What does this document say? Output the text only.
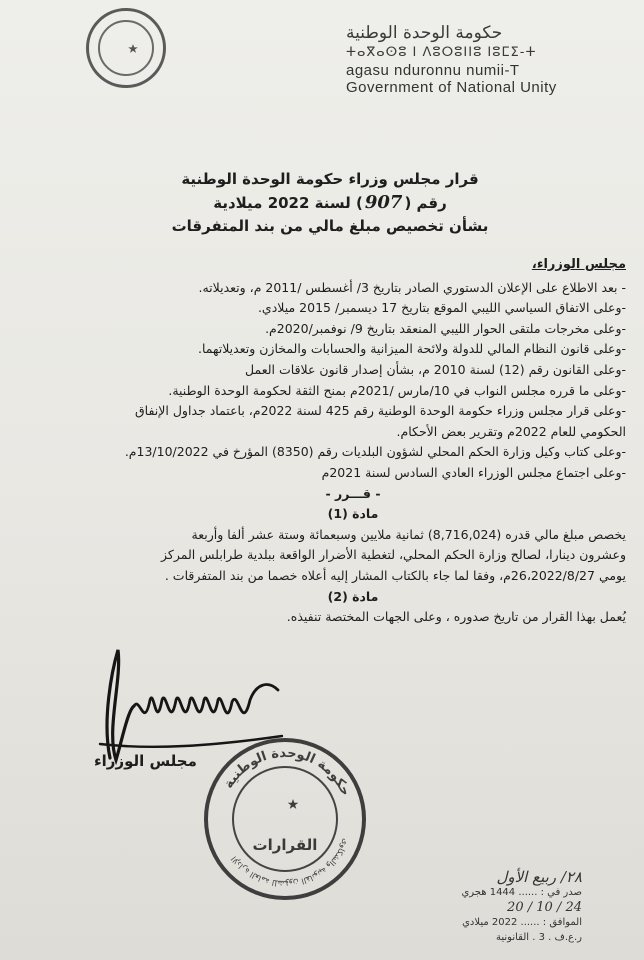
حكومة الوحدة الوطنية
ⵜⴰⴳⴰⵙⵓ ⵏ ⴷⵓⵔⵓⵏⵏⵓ ⵏⵓⵎⵉ-ⵜ
agasu nduronnu numii-T
Government of National Unity
قرار مجلس وزراء حكومة الوحدة الوطنية
رقم (907) لسنة 2022 ميلادية
بشأن تخصيص مبلغ مالي من بند المتفرقات

مجلس الوزراء،

- بعد الاطلاع على الإعلان الدستوري الصادر بتاريخ 3/ أغسطس /2011 م، وتعديلاته.

-وعلى الاتفاق السياسي الليبي الموقع بتاريخ 17 ديسمبر/ 2015 ميلادي.

-وعلى مخرجات ملتقى الحوار الليبي المنعقد بتاريخ 9/ نوفمبر/2020م.

-وعلى قانون النظام المالي للدولة ولائحة الميزانية والحسابات والمخازن وتعديلاتهما.

-وعلى القانون رقم (12) لسنة 2010 م، بشأن إصدار قانون علاقات العمل

-وعلى ما قرره مجلس النواب في 10/مارس /2021م بمنح الثقة لحكومة الوحدة الوطنية.

-وعلى قرار مجلس وزراء حكومة الوحدة الوطنية رقم 425 لسنة 2022م، باعتماد جداول الإنفاق

الحكومي للعام 2022م وتقرير بعض الأحكام.

-وعلى كتاب وكيل وزارة الحكم المحلي لشؤون البلديات رقم (8350) المؤرخ في 13/10/2022م.

-وعلى اجتماع مجلس الوزراء العادي السادس لسنة 2021م

- قـــرر -

مادة (1)

يخصص مبلغ مالي قدره (8,716,024) ثمانية ملايين وسبعمائة وستة عشر ألفا وأربعة

وعشرون دينارا، لصالح وزارة الحكم المحلي، لتغطية الأضرار الواقعة ببلدية طرابلس المركز

يومي 26،2022/8/27م، وفقا لما جاء بالكتاب المشار إليه أعلاه خصما من بند المتفرقات .

مادة (2)

يُعمل بهذا القرار من تاريخ صدوره ، وعلى الجهات المختصة تنفيذه.

مجلس الوزراء
حكومة الوحدة الوطنية
الإدارة العامة للشؤون القانونية والشكاوى
القرارات
٢٨/ ربيع الأول
صدر في : ...... 1444 هجري
24 / 10 / 20
الموافق : ...... 2022 ميلادي
ر.ع.ف . 3 . القانونية
